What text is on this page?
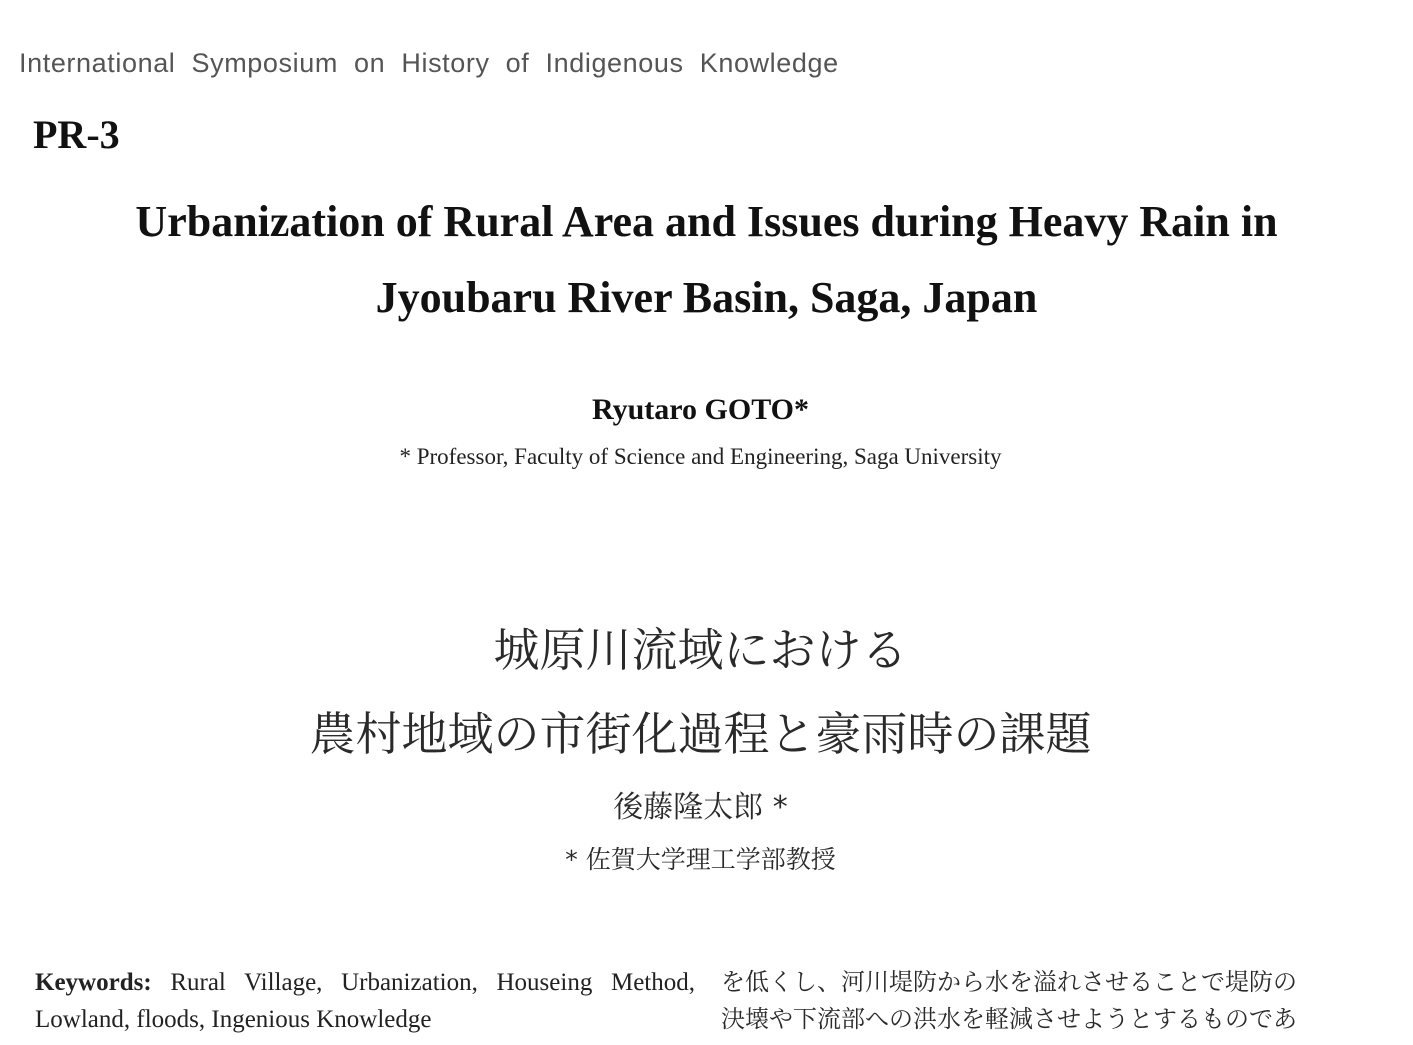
International Symposium on History of Indigenous Knowledge
PR-3
Urbanization of Rural Area and Issues during Heavy Rain in
Jyoubaru River Basin, Saga, Japan
Ryutaro GOTO*
* Professor, Faculty of Science and Engineering, Saga University
城原川流域における
農村地域の市街化過程と豪雨時の課題
後藤隆太郎 *
* 佐賀大学理工学部教授
Keywords: Rural Village, Urbanization, Houseing Method, Lowland, floods, Ingenious Knowledge
を低くし、河川堤防から水を溢れさせることで堤防の
決壊や下流部への洪水を軽減させようとするものであ
